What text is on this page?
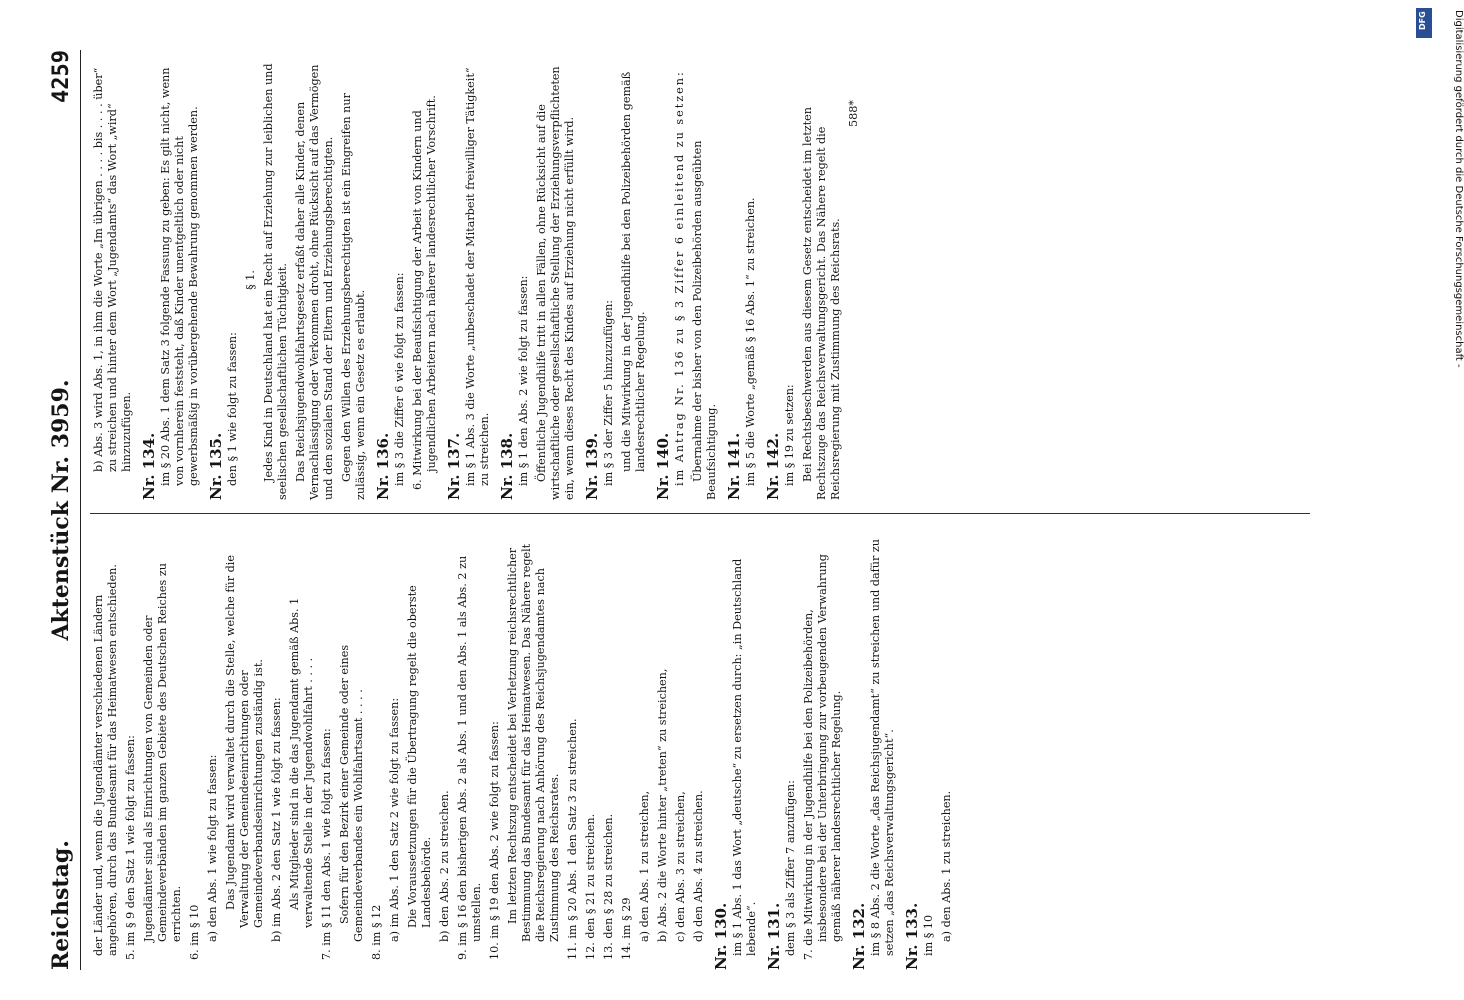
Reichstag.
Aktenstück Nr. 3959.
4259
der Länder und, wenn die Jugendämter verschiedenen Ländern angehören, durch das Bundesamt für das Heimatwesen entschieden. 5. im § 9 den Satz 1 wie folgt zu fassen: Jugendämter sind als Einrichtungen von Gemeinden oder Gemeindeverbänden im ganzen Gebiete des Deutschen Reiches zu errichten. 6. im § 10 a) den Abs. 1 wie folgt zu fassen: Das Jugendamt wird verwaltet durch die Stelle, welche für die Verwaltung der Gemeindeeinrichtungen oder Gemeindeverbandseinrichtungen zuständig ist. b) im Abs. 2 den Satz 1 wie folgt zu fassen: Als Mitglieder sind in die das Jugendamt gemäß Abs. 1 verwaltende Stelle in der Jugendwohlfahrt . . . . 7. im § 11 den Abs. 1 wie folgt zu fassen: Sofern für den Bezirk einer Gemeinde oder eines Gemeindeverbandes ein Wohlfahrtsamt . . . . 8. im § 12 a) im Abs. 1 den Satz 2 wie folgt zu fassen: Die Voraussetzungen für die Übertragung regelt die oberste Landesbehörde. b) den Abs. 2 zu streichen. 9. im § 16 den bisherigen Abs. 2 als Abs. 1 und den Abs. 1 als Abs. 2 zu umstellen. 10. im § 19 den Abs. 2 wie folgt zu fassen: Im letzten Rechtszug entscheidet bei Verletzung reichsrechtlicher Bestimmung das Bundesamt für das Heimatwesen. Das Nähere regelt die Reichsregierung nach Anhörung des Reichsjugendamtes nach Zustimmung des Reichsrates. 11. im § 20 Abs. 1 den Satz 3 zu streichen. 12. den § 21 zu streichen. 13. den § 28 zu streichen. 14. im § 29 a) den Abs. 1 zu streichen, b) Abs. 2 die Worte hinter „treten“ zu streichen, c) den Abs. 3 zu streichen, d) den Abs. 4 zu streichen. Nr. 130. im § 1 Abs. 1 das Wort „deutsche“ zu ersetzen durch: „in Deutschland lebende“. Nr. 131. dem § 3 als Ziffer 7 anzufügen: 7. die Mitwirkung in der Jugendhilfe bei den Polizeibehörden, insbesondere bei der Unterbringung zur vorbeugenden Verwahrung gemäß näherer landesrechtlicher Regelung. Nr. 132. im § 8 Abs. 2 die Worte „das Reichsjugendamt“ zu streichen und dafür zu setzen „das Reichsverwaltungsgericht“. Nr. 133. im § 10 a) den Abs. 1 zu streichen.
b) Abs. 3 wird Abs. 1, in ihm die Worte „Im übrigen . . . . bis . . . . über“ zu streichen und hinter dem Wort „Jugendamts“ das Wort „wird“ hinzuzufügen. Nr. 134. im § 20 Abs. 1 dem Satz 3 folgende Fassung zu geben: Es gilt nicht, wenn von vornherein feststeht, daß Kinder unentgeltlich oder nicht gewerbsmäßig in vorübergehende Bewahrung genommen werden. Nr. 135. den § 1 wie folgt zu fassen:
§ 1. Jedes Kind in Deutschland hat ein Recht auf Erziehung zur leiblichen und seelischen gesellschaftlichen Tüchtigkeit. Das Reichsjugendwohlfahrtsgesetz erfaßt daher alle Kinder, denen Vernachlässigung oder Verkommen droht, ohne Rücksicht auf das Vermögen und den sozialen Stand der Eltern und Erziehungsberechtigten. Gegen den Willen des Erziehungsberechtigten ist ein Eingreifen nur zulässig, wenn ein Gesetz es erlaubt. Nr. 136. im § 3 die Ziffer 6 wie folgt zu fassen: 6. Mitwirkung bei der Beaufsichtigung der Arbeit von Kindern und jugendlichen Arbeitern nach näherer landesrechtlicher Vorschrift. Nr. 137. im § 1 Abs. 3 die Worte „unbeschadet der Mitarbeit freiwilliger Tätigkeit“ zu streichen. Nr. 138. im § 1 den Abs. 2 wie folgt zu fassen: Öffentliche Jugendhilfe tritt in allen Fällen, ohne Rücksicht auf die wirtschaftliche oder gesellschaftliche Stellung der Erziehungsverpflichteten ein, wenn dieses Recht des Kindes auf Erziehung nicht erfüllt wird. Nr. 139. im § 3 der Ziffer 5 hinzuzufügen: und die Mitwirkung in der Jugendhilfe bei den Polizeibehörden gemäß landesrechtlicher Regelung. Nr. 140. im Antrag Nr. 136 zu § 3 Ziffer 6 einleitend zu setzen: Übernahme der bisher von den Polizeibehörden ausgeübten Beaufsichtigung. Nr. 141. im § 5 die Worte „gemäß § 16 Abs. 1“ zu streichen. Nr. 142. im § 19 zu setzen: Bei Rechtsbeschwerden aus diesem Gesetz entscheidet im letzten Rechtszuge das Reichsverwaltungsgericht. Das Nähere regelt die Reichsregierung mit Zustimmung des Reichsrats.
588*
DFG	Digitalisierung gefördert durch die Deutsche Forschungsgemeinschaft -
